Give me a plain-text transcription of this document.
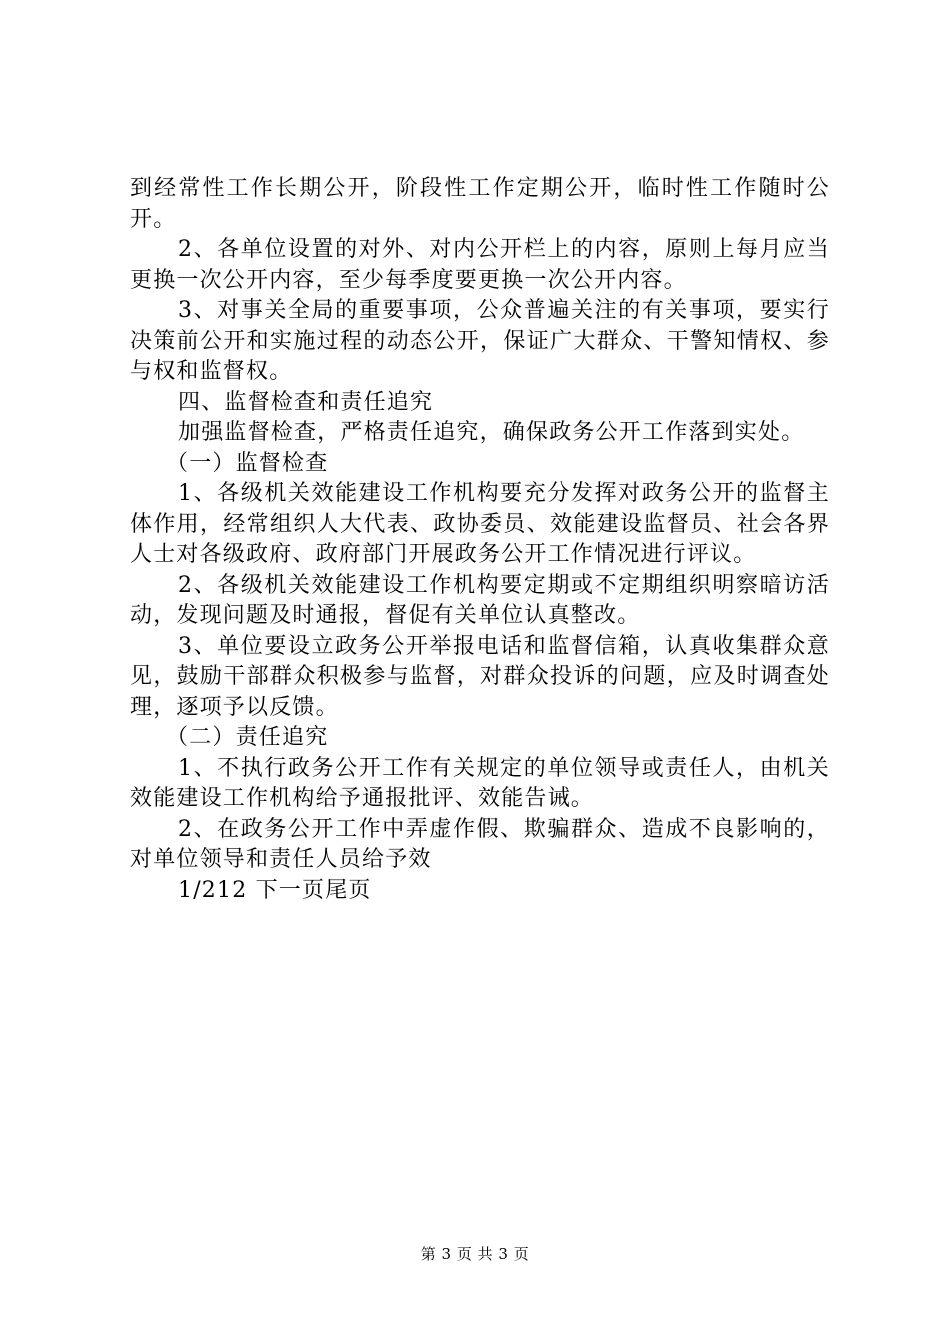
到经常性工作长期公开，阶段性工作定期公开，临时性工作随时公开。

2、各单位设置的对外、对内公开栏上的内容，原则上每月应当更换一次公开内容，至少每季度要更换一次公开内容。

3、对事关全局的重要事项，公众普遍关注的有关事项，要实行决策前公开和实施过程的动态公开，保证广大群众、干警知情权、参与权和监督权。

四、监督检查和责任追究

加强监督检查，严格责任追究，确保政务公开工作落到实处。

（一）监督检查

1、各级机关效能建设工作机构要充分发挥对政务公开的监督主体作用，经常组织人大代表、政协委员、效能建设监督员、社会各界人士对各级政府、政府部门开展政务公开工作情况进行评议。

2、各级机关效能建设工作机构要定期或不定期组织明察暗访活动，发现问题及时通报，督促有关单位认真整改。

3、单位要设立政务公开举报电话和监督信箱，认真收集群众意见，鼓励干部群众积极参与监督，对群众投诉的问题，应及时调查处理，逐项予以反馈。

（二）责任追究

1、不执行政务公开工作有关规定的单位领导或责任人，由机关效能建设工作机构给予通报批评、效能告诫。

2、在政务公开工作中弄虚作假、欺骗群众、造成不良影响的，对单位领导和责任人员给予效

1/212 下一页尾页

第 3 页 共 3 页
